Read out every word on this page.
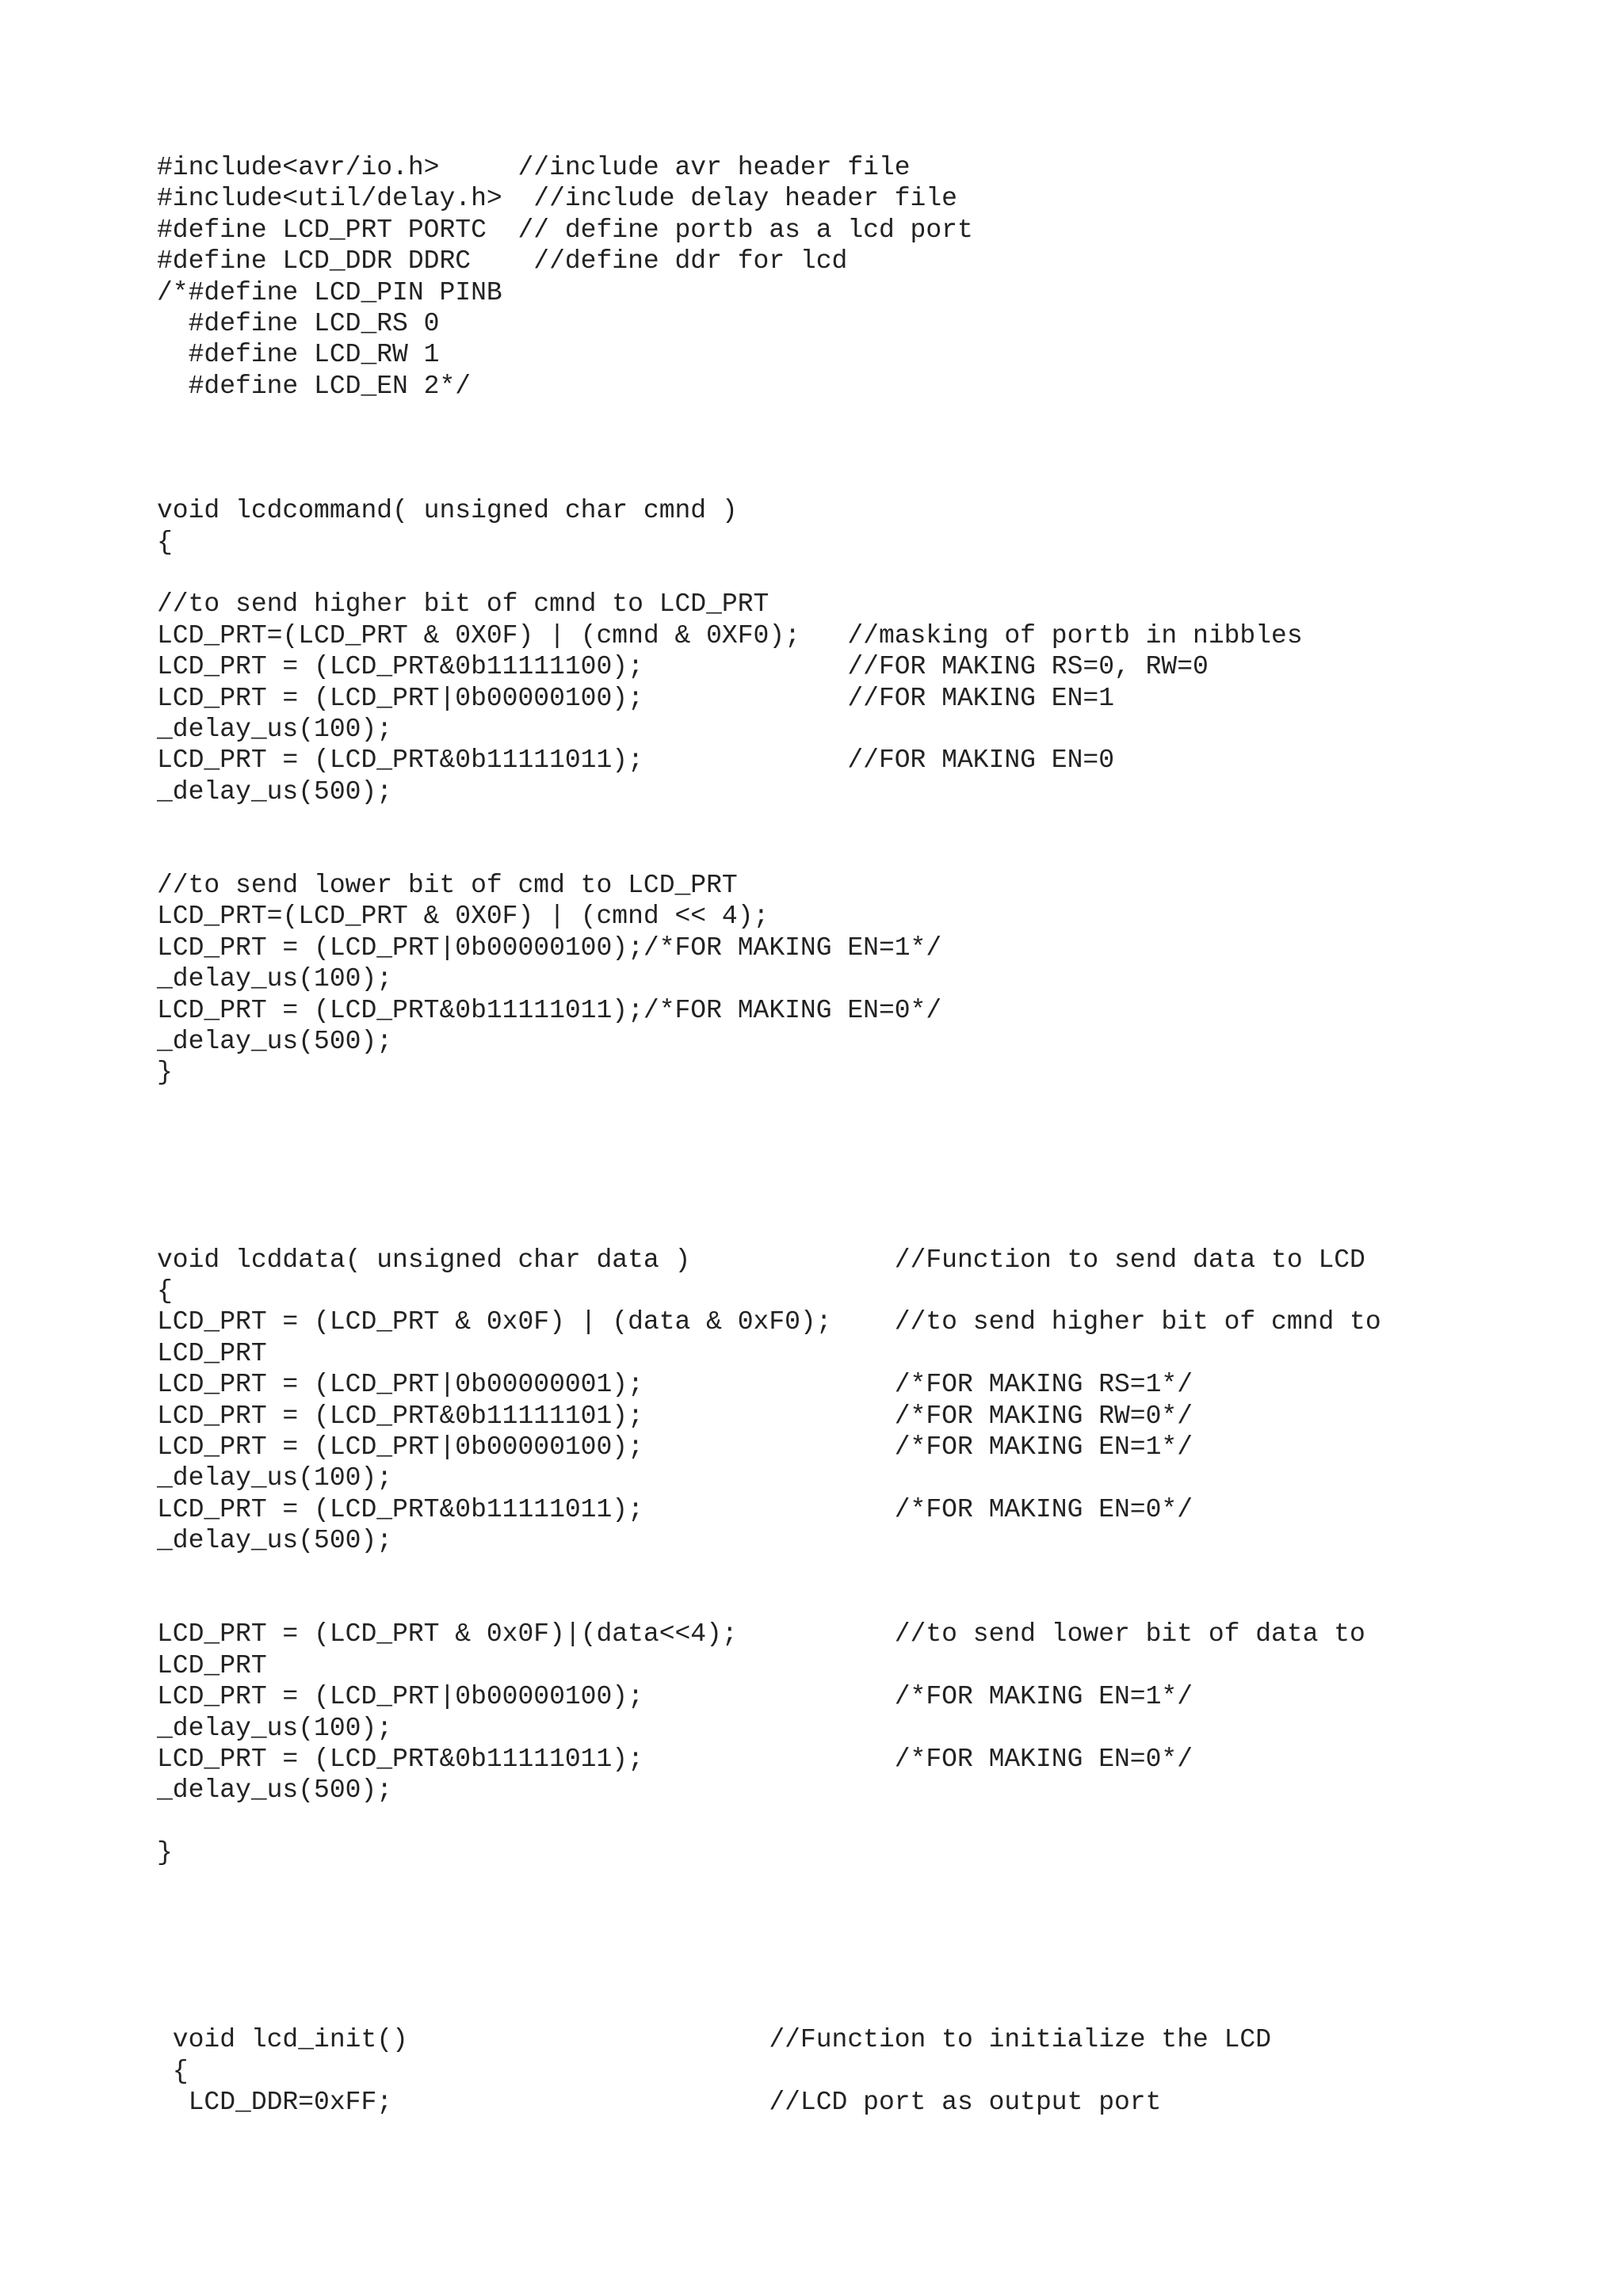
#include<avr/io.h>     //include avr header file
#include<util/delay.h>  //include delay header file
#define LCD_PRT PORTC  // define portb as a lcd port
#define LCD_DDR DDRC    //define ddr for lcd
/*#define LCD_PIN PINB
#define LCD_RS 0
#define LCD_RW 1
#define LCD_EN 2*/
void lcdcommand( unsigned char cmnd )
{
//to send higher bit of cmnd to LCD_PRT
LCD_PRT=(LCD_PRT & 0X0F) | (cmnd & 0XF0);   //masking of portb in nibbles
LCD_PRT = (LCD_PRT&0b11111100);             //FOR MAKING RS=0, RW=0
LCD_PRT = (LCD_PRT|0b00000100);             //FOR MAKING EN=1
_delay_us(100);
LCD_PRT = (LCD_PRT&0b11111011);             //FOR MAKING EN=0
_delay_us(500);
//to send lower bit of cmd to LCD_PRT
LCD_PRT=(LCD_PRT & 0X0F) | (cmnd << 4);
LCD_PRT = (LCD_PRT|0b00000100);/*FOR MAKING EN=1*/
_delay_us(100);
LCD_PRT = (LCD_PRT&0b11111011);/*FOR MAKING EN=0*/
_delay_us(500);
}
void lcddata( unsigned char data )             //Function to send data to LCD
{
LCD_PRT = (LCD_PRT & 0x0F) | (data & 0xF0);    //to send higher bit of cmnd to
LCD_PRT
LCD_PRT = (LCD_PRT|0b00000001);                /*FOR MAKING RS=1*/
LCD_PRT = (LCD_PRT&0b11111101);                /*FOR MAKING RW=0*/
LCD_PRT = (LCD_PRT|0b00000100);                /*FOR MAKING EN=1*/
_delay_us(100);
LCD_PRT = (LCD_PRT&0b11111011);                /*FOR MAKING EN=0*/
_delay_us(500);
LCD_PRT = (LCD_PRT & 0x0F)|(data<<4);          //to send lower bit of data to
LCD_PRT
LCD_PRT = (LCD_PRT|0b00000100);                /*FOR MAKING EN=1*/
_delay_us(100);
LCD_PRT = (LCD_PRT&0b11111011);                /*FOR MAKING EN=0*/
_delay_us(500);
}
void lcd_init()                       //Function to initialize the LCD
{
LCD_DDR=0xFF;                        //LCD port as output port
